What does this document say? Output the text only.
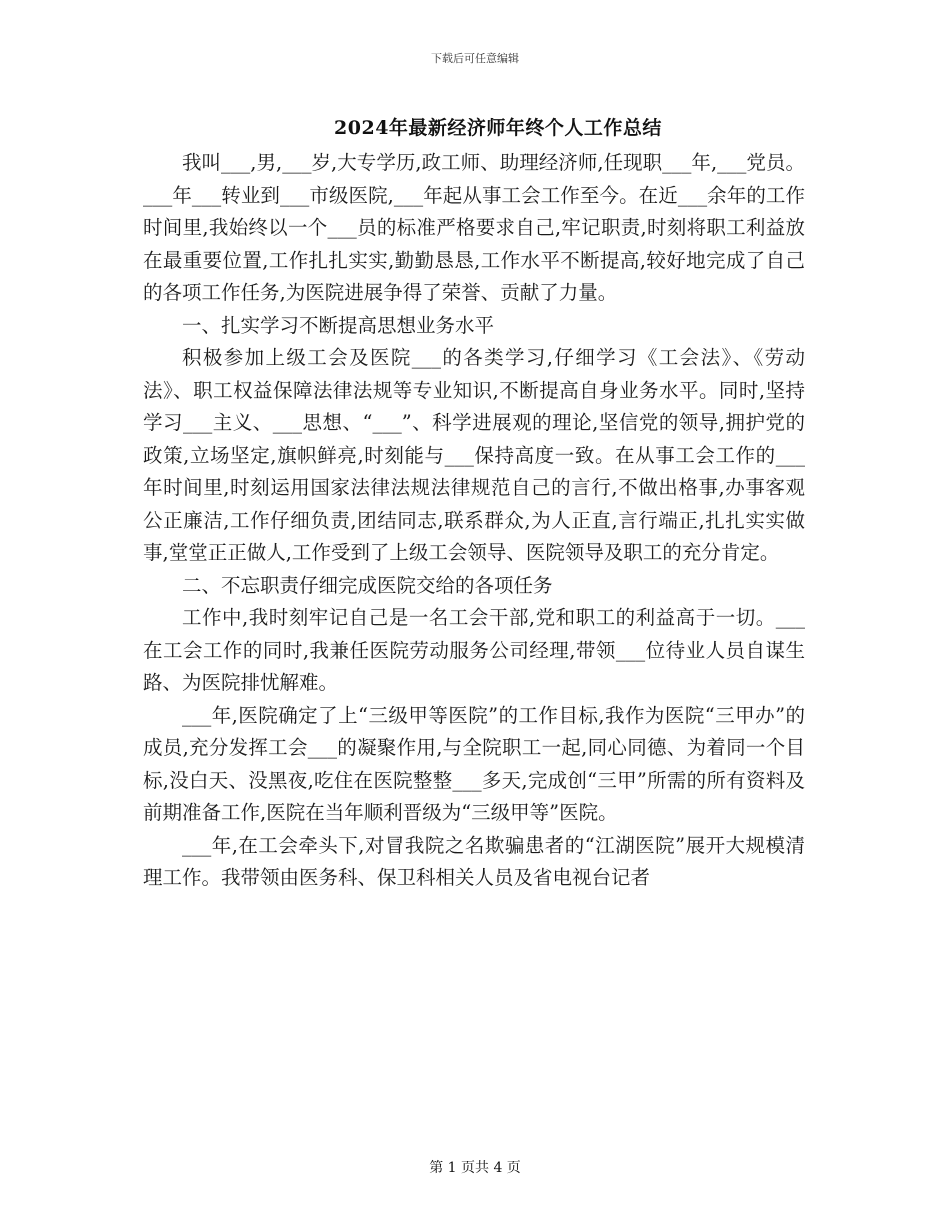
下载后可任意编辑
2024年最新经济师年终个人工作总结

我叫___,男,___岁,大专学历,政工师、助理经济师,任现职___年,___党员。___年___转业到___市级医院,___年起从事工会工作至今。在近___余年的工作时间里,我始终以一个___员的标准严格要求自己,牢记职责,时刻将职工利益放在最重要位置,工作扎扎实实,勤勤恳恳,工作水平不断提高,较好地完成了自己的各项工作任务,为医院进展争得了荣誉、贡献了力量。

一、扎实学习不断提高思想业务水平

积极参加上级工会及医院___的各类学习,仔细学习《工会法》、《劳动法》、职工权益保障法律法规等专业知识,不断提高自身业务水平。同时,坚持学习___主义、___思想、“___”、科学进展观的理论,坚信党的领导,拥护党的政策,立场坚定,旗帜鲜亮,时刻能与___保持高度一致。在从事工会工作的___年时间里,时刻运用国家法律法规法律规范自己的言行,不做出格事,办事客观公正廉洁,工作仔细负责,团结同志,联系群众,为人正直,言行端正,扎扎实实做事,堂堂正正做人,工作受到了上级工会领导、医院领导及职工的充分肯定。

二、不忘职责仔细完成医院交给的各项任务

工作中,我时刻牢记自己是一名工会干部,党和职工的利益高于一切。___在工会工作的同时,我兼任医院劳动服务公司经理,带领___位待业人员自谋生路、为医院排忧解难。

___年,医院确定了上“三级甲等医院”的工作目标,我作为医院“三甲办”的成员,充分发挥工会___的凝聚作用,与全院职工一起,同心同德、为着同一个目标,没白天、没黑夜,吃住在医院整整___多天,完成创“三甲”所需的所有资料及前期准备工作,医院在当年顺利晋级为“三级甲等”医院。

___年,在工会牵头下,对冒我院之名欺骗患者的“江湖医院”展开大规模清理工作。我带领由医务科、保卫科相关人员及省电视台记者

第 1 页共 4 页
